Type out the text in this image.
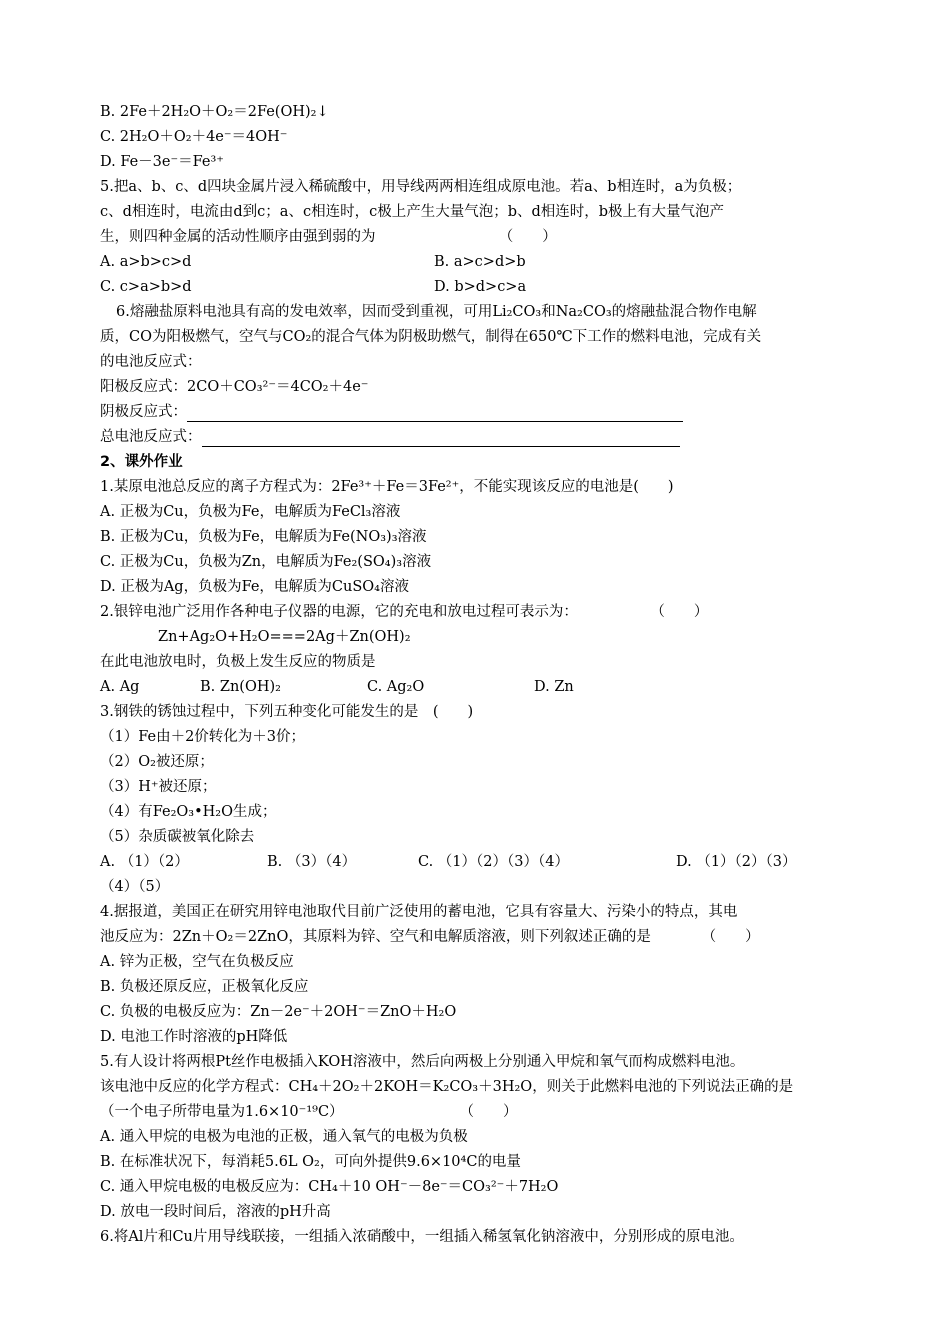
B. 2Fe＋2H₂O＋O₂＝2Fe(OH)₂↓
C. 2H₂O＋O₂＋4e⁻＝4OH⁻
D. Fe－3e⁻＝Fe³⁺
5.把a、b、c、d四块金属片浸入稀硫酸中，用导线两两相连组成原电池。若a、b相连时，a为负极；
c、d相连时，电流由d到c；a、c相连时，c极上产生大量气泡；b、d相连时，b极上有大量气泡产
生，则四种金属的活动性顺序由强到弱的为　　　　　　　　　（　　）
A. a>b>c>d	B. a>c>d>b
C. c>a>b>d	D. b>d>c>a
6.熔融盐原料电池具有高的发电效率，因而受到重视，可用Li₂CO₃和Na₂CO₃的熔融盐混合物作电解
质，CO为阳极燃气，空气与CO₂的混合气体为阴极助燃气，制得在650℃下工作的燃料电池，完成有关
的电池反应式：
阳极反应式：2CO＋CO₃²⁻＝4CO₂＋4e⁻
阴极反应式：
总电池反应式：
2、课外作业
1.某原电池总反应的离子方程式为：2Fe³⁺＋Fe＝3Fe²⁺，不能实现该反应的电池是(　　)
A. 正极为Cu，负极为Fe，电解质为FeCl₃溶液
B. 正极为Cu，负极为Fe，电解质为Fe(NO₃)₃溶液
C. 正极为Cu，负极为Zn，电解质为Fe₂(SO₄)₃溶液
D. 正极为Ag，负极为Fe，电解质为CuSO₄溶液
2.银锌电池广泛用作各种电子仪器的电源，它的充电和放电过程可表示为：　　　　　　（　　）
Zn+Ag₂O+H₂O===2Ag＋Zn(OH)₂
在此电池放电时，负极上发生反应的物质是
A. Ag	B. Zn(OH)₂	C. Ag₂O	D. Zn
3.钢铁的锈蚀过程中，下列五种变化可能发生的是　(　　)
（1）Fe由＋2价转化为＋3价；
（2）O₂被还原；
（3）H⁺被还原；
（4）有Fe₂O₃•H₂O生成；
（5）杂质碳被氧化除去
A. （1）（2）	B. （3）（4）	C. （1）（2）（3）（4）	D. （1）（2）（3）
（4）（5）
4.据报道，美国正在研究用锌电池取代目前广泛使用的蓄电池，它具有容量大、污染小的特点，其电
池反应为：2Zn＋O₂＝2ZnO，其原料为锌、空气和电解质溶液，则下列叙述正确的是　　　　（　　）
A. 锌为正极，空气在负极反应
B. 负极还原反应，正极氧化反应
C. 负极的电极反应为：Zn－2e⁻＋2OH⁻＝ZnO＋H₂O
D. 电池工作时溶液的pH降低
5.有人设计将两根Pt丝作电极插入KOH溶液中，然后向两极上分别通入甲烷和氧气而构成燃料电池。
该电池中反应的化学方程式：CH₄＋2O₂＋2KOH＝K₂CO₃＋3H₂O，则关于此燃料电池的下列说法正确的是
（一个电子所带电量为1.6×10⁻¹⁹C）　　　　　　　　　（　　）
A. 通入甲烷的电极为电池的正极，通入氧气的电极为负极
B. 在标准状况下，每消耗5.6L O₂，可向外提供9.6×10⁴C的电量
C. 通入甲烷电极的电极反应为：CH₄＋10 OH⁻－8e⁻＝CO₃²⁻＋7H₂O
D. 放电一段时间后，溶液的pH升高
6.将Al片和Cu片用导线联接，一组插入浓硝酸中，一组插入稀氢氧化钠溶液中，分别形成的原电池。
